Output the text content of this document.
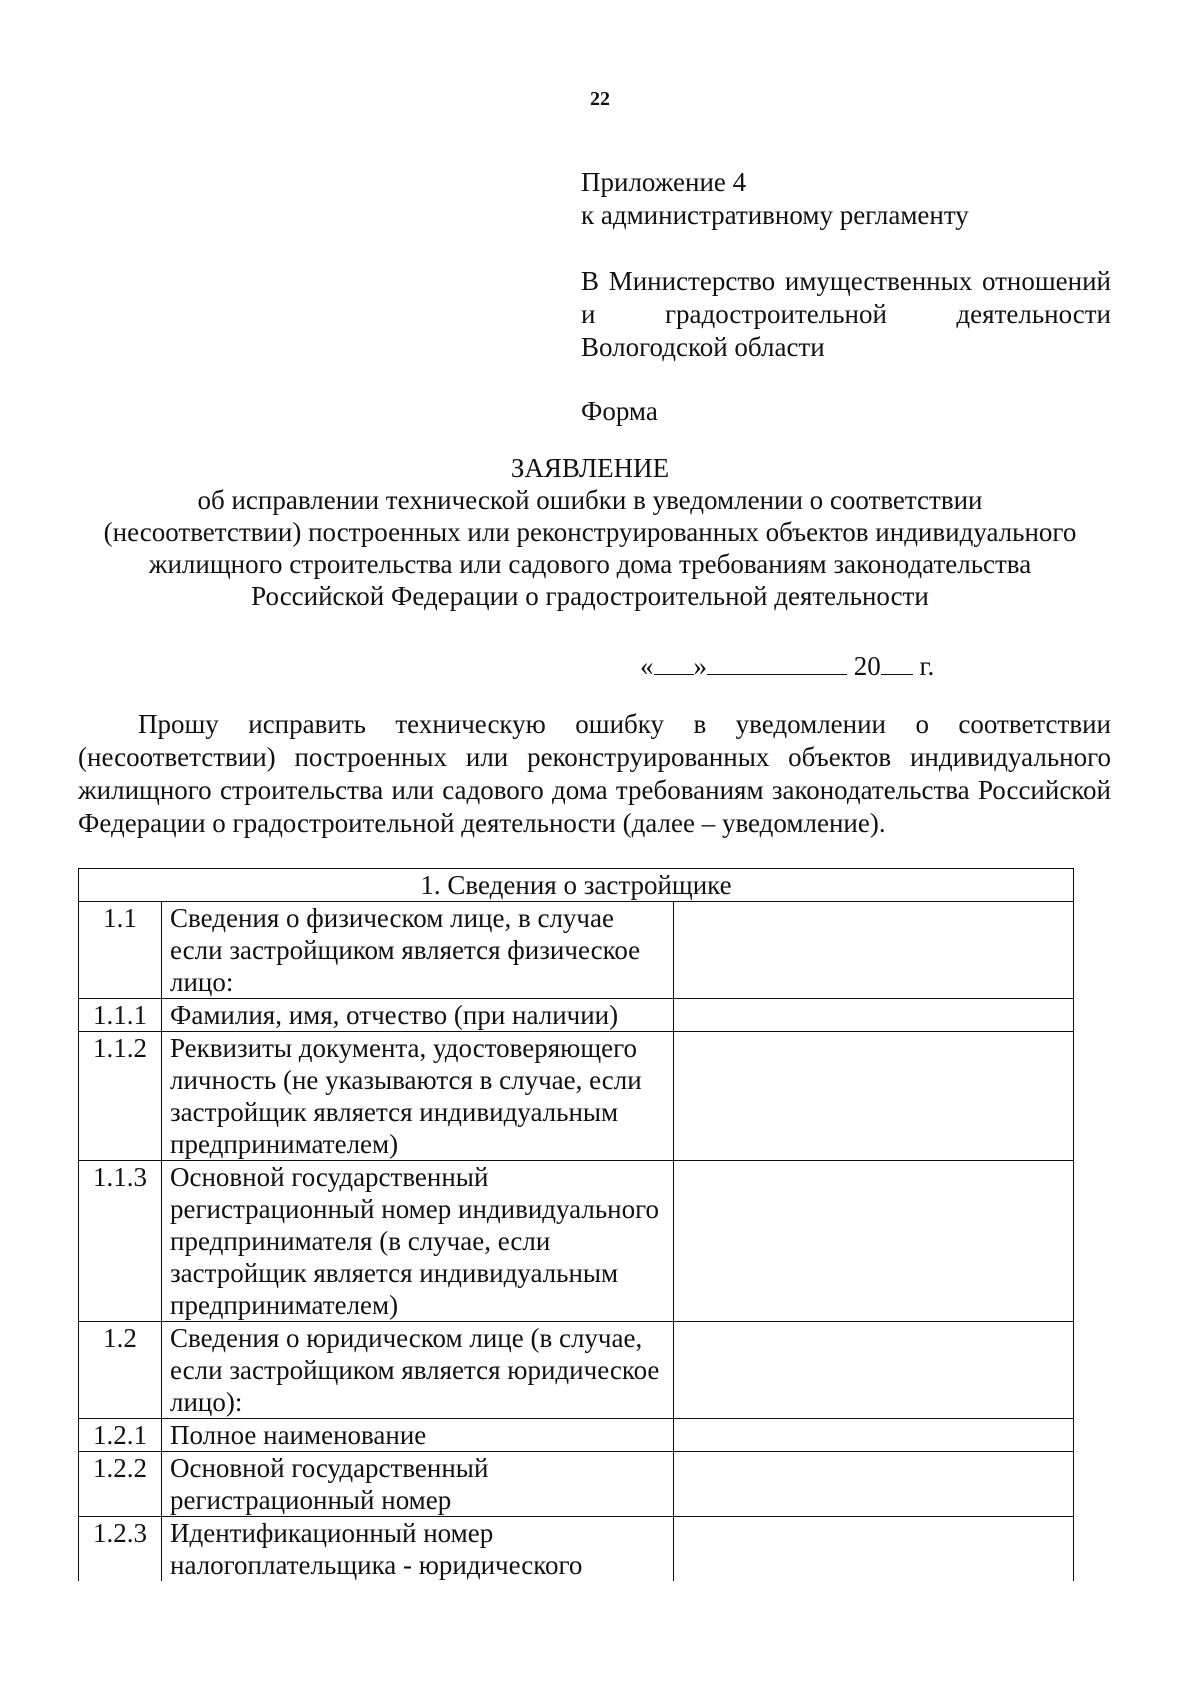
22
Приложение 4
к административному регламенту
В Министерство имущественных отношений и градостроительной деятельности Вологодской области
Форма
ЗАЯВЛЕНИЕ
об исправлении технической ошибки в уведомлении о соответствии
(несоответствии) построенных или реконструированных объектов индивидуального
жилищного строительства или садового дома требованиям законодательства
Российской Федерации о градостроительной деятельности
« »	20 г.
Прошу исправить техническую ошибку в уведомлении о соответствии (несоответствии) построенных или реконструированных объектов индивидуального жилищного строительства или садового дома требованиям законодательства Российской Федерации о градостроительной деятельности (далее – уведомление).
1. Сведения о застройщике		
1.1	Сведения о физическом лице, в случае если застройщиком является физическое лицо:	
1.1.1	Фамилия, имя, отчество (при наличии)	
1.1.2	Реквизиты документа, удостоверяющего личность (не указываются в случае, если застройщик является индивидуальным предпринимателем)	
1.1.3	Основной государственный регистрационный номер индивидуального предпринимателя (в случае, если застройщик является индивидуальным предпринимателем)	
1.2	Сведения о юридическом лице (в случае, если застройщиком является юридическое лицо):	
1.2.1	Полное наименование	
1.2.2	Основной государственный регистрационный номер	
1.2.3	Идентификационный номер налогоплательщика - юридического	
